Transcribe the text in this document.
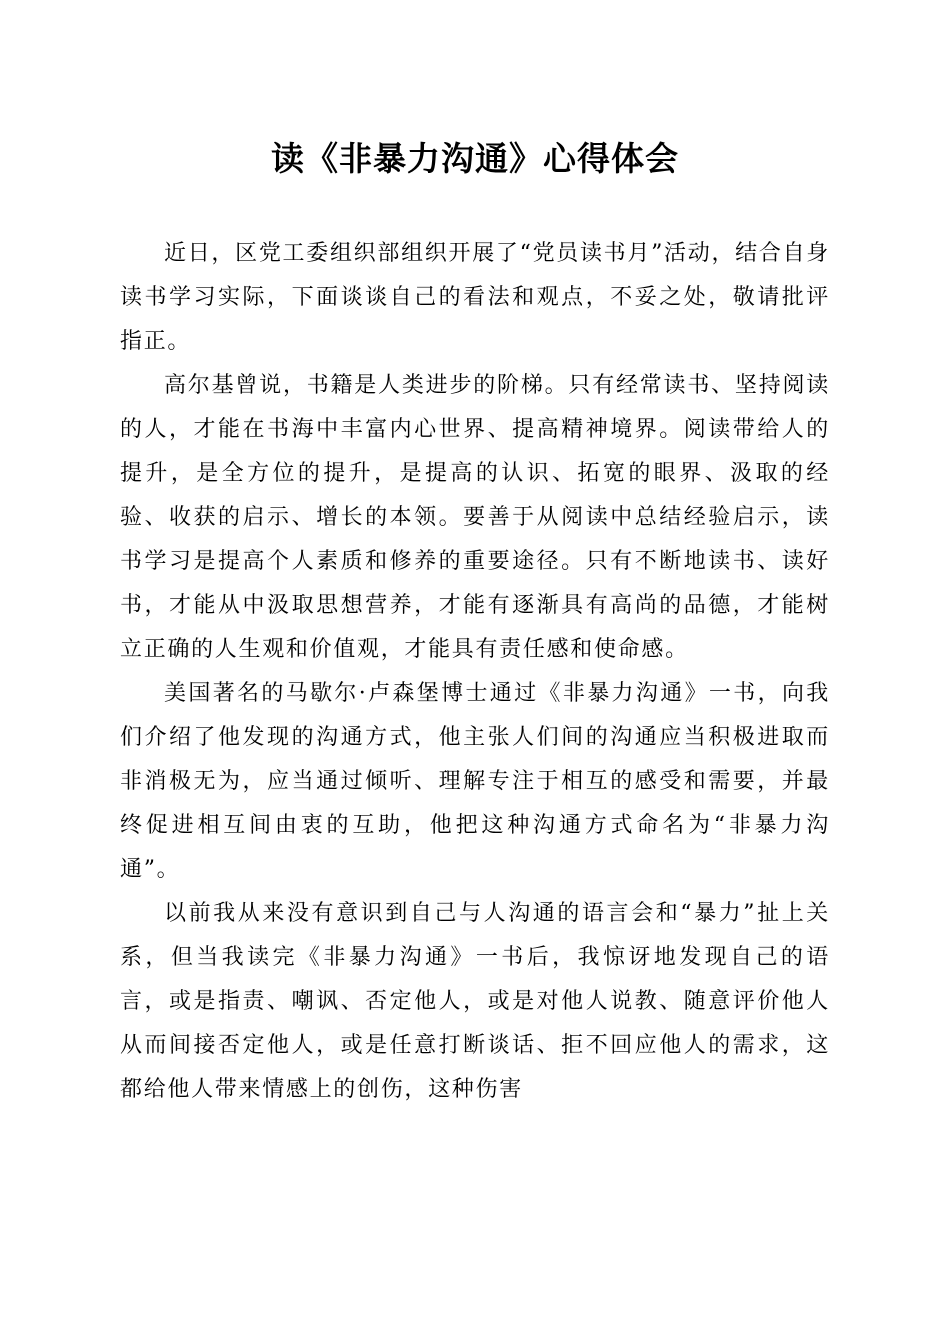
读《非暴力沟通》心得体会

近日，区党工委组织部组织开展了“党员读书月”活动，结合自身读书学习实际，下面谈谈自己的看法和观点，不妥之处，敬请批评指正。

高尔基曾说，书籍是人类进步的阶梯。只有经常读书、坚持阅读的人，才能在书海中丰富内心世界、提高精神境界。阅读带给人的提升，是全方位的提升，是提高的认识、拓宽的眼界、汲取的经验、收获的启示、增长的本领。要善于从阅读中总结经验启示，读书学习是提高个人素质和修养的重要途径。只有不断地读书、读好书，才能从中汲取思想营养，才能有逐渐具有高尚的品德，才能树立正确的人生观和价值观，才能具有责任感和使命感。

美国著名的马歇尔·卢森堡博士通过《非暴力沟通》一书，向我们介绍了他发现的沟通方式，他主张人们间的沟通应当积极进取而非消极无为，应当通过倾听、理解专注于相互的感受和需要，并最终促进相互间由衷的互助，他把这种沟通方式命名为“非暴力沟通”。

以前我从来没有意识到自己与人沟通的语言会和“暴力”扯上关系，但当我读完《非暴力沟通》一书后，我惊讶地发现自己的语言，或是指责、嘲讽、否定他人，或是对他人说教、随意评价他人从而间接否定他人，或是任意打断谈话、拒不回应他人的需求，这都给他人带来情感上的创伤，这种伤害
